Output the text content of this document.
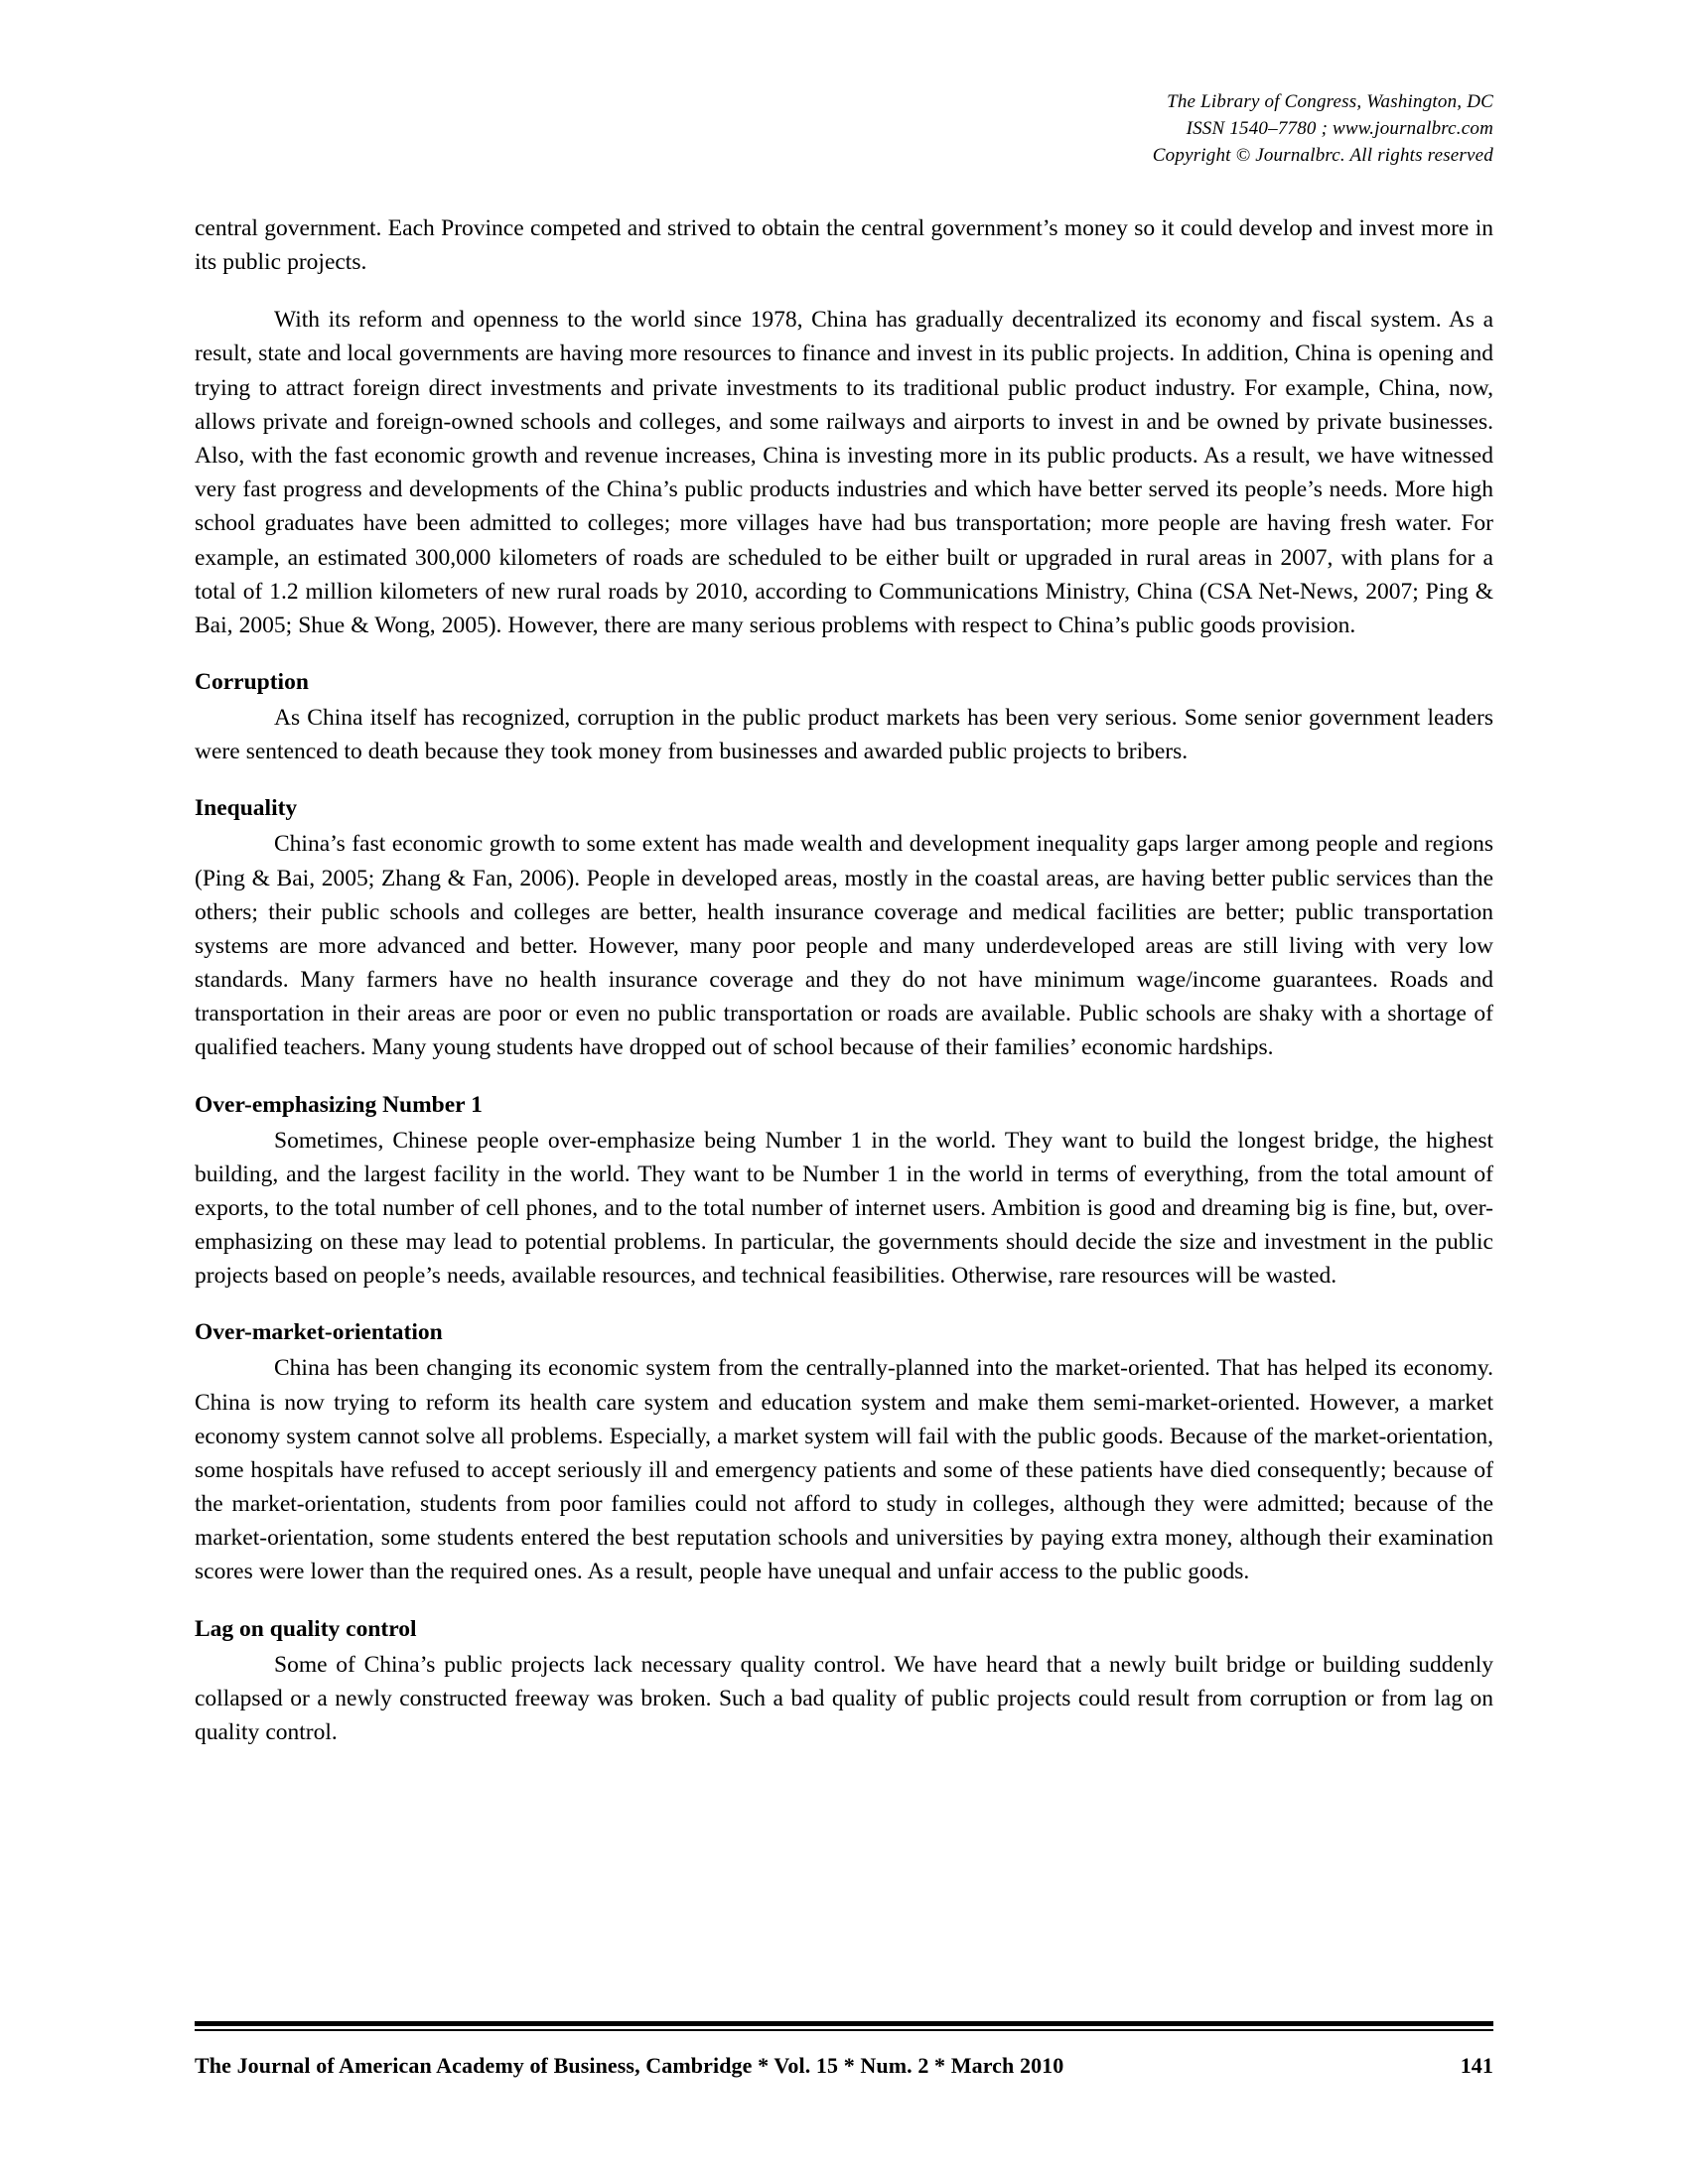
The Library of Congress, Washington, DC
ISSN 1540–7780 ; www.journalbrc.com
Copyright © Journalbrc. All rights reserved

central government. Each Province competed and strived to obtain the central government’s money so it could develop and invest more in its public projects.

With its reform and openness to the world since 1978, China has gradually decentralized its economy and fiscal system. As a result, state and local governments are having more resources to finance and invest in its public projects. In addition, China is opening and trying to attract foreign direct investments and private investments to its traditional public product industry. For example, China, now, allows private and foreign-owned schools and colleges, and some railways and airports to invest in and be owned by private businesses. Also, with the fast economic growth and revenue increases, China is investing more in its public products. As a result, we have witnessed very fast progress and developments of the China’s public products industries and which have better served its people’s needs. More high school graduates have been admitted to colleges; more villages have had bus transportation; more people are having fresh water. For example, an estimated 300,000 kilometers of roads are scheduled to be either built or upgraded in rural areas in 2007, with plans for a total of 1.2 million kilometers of new rural roads by 2010, according to Communications Ministry, China (CSA Net-News, 2007; Ping & Bai, 2005; Shue & Wong, 2005). However, there are many serious problems with respect to China’s public goods provision.

Corruption

As China itself has recognized, corruption in the public product markets has been very serious. Some senior government leaders were sentenced to death because they took money from businesses and awarded public projects to bribers.

Inequality

China’s fast economic growth to some extent has made wealth and development inequality gaps larger among people and regions (Ping & Bai, 2005; Zhang & Fan, 2006). People in developed areas, mostly in the coastal areas, are having better public services than the others; their public schools and colleges are better, health insurance coverage and medical facilities are better; public transportation systems are more advanced and better. However, many poor people and many underdeveloped areas are still living with very low standards. Many farmers have no health insurance coverage and they do not have minimum wage/income guarantees. Roads and transportation in their areas are poor or even no public transportation or roads are available. Public schools are shaky with a shortage of qualified teachers. Many young students have dropped out of school because of their families’ economic hardships.

Over-emphasizing Number 1

Sometimes, Chinese people over-emphasize being Number 1 in the world. They want to build the longest bridge, the highest building, and the largest facility in the world. They want to be Number 1 in the world in terms of everything, from the total amount of exports, to the total number of cell phones, and to the total number of internet users. Ambition is good and dreaming big is fine, but, over-emphasizing on these may lead to potential problems. In particular, the governments should decide the size and investment in the public projects based on people’s needs, available resources, and technical feasibilities. Otherwise, rare resources will be wasted.

Over-market-orientation

China has been changing its economic system from the centrally-planned into the market-oriented. That has helped its economy. China is now trying to reform its health care system and education system and make them semi-market-oriented. However, a market economy system cannot solve all problems. Especially, a market system will fail with the public goods. Because of the market-orientation, some hospitals have refused to accept seriously ill and emergency patients and some of these patients have died consequently; because of the market-orientation, students from poor families could not afford to study in colleges, although they were admitted; because of the market-orientation, some students entered the best reputation schools and universities by paying extra money, although their examination scores were lower than the required ones. As a result, people have unequal and unfair access to the public goods.

Lag on quality control

Some of China’s public projects lack necessary quality control. We have heard that a newly built bridge or building suddenly collapsed or a newly constructed freeway was broken. Such a bad quality of public projects could result from corruption or from lag on quality control.

The Journal of American Academy of Business, Cambridge * Vol. 15 * Num. 2 * March 2010	141
